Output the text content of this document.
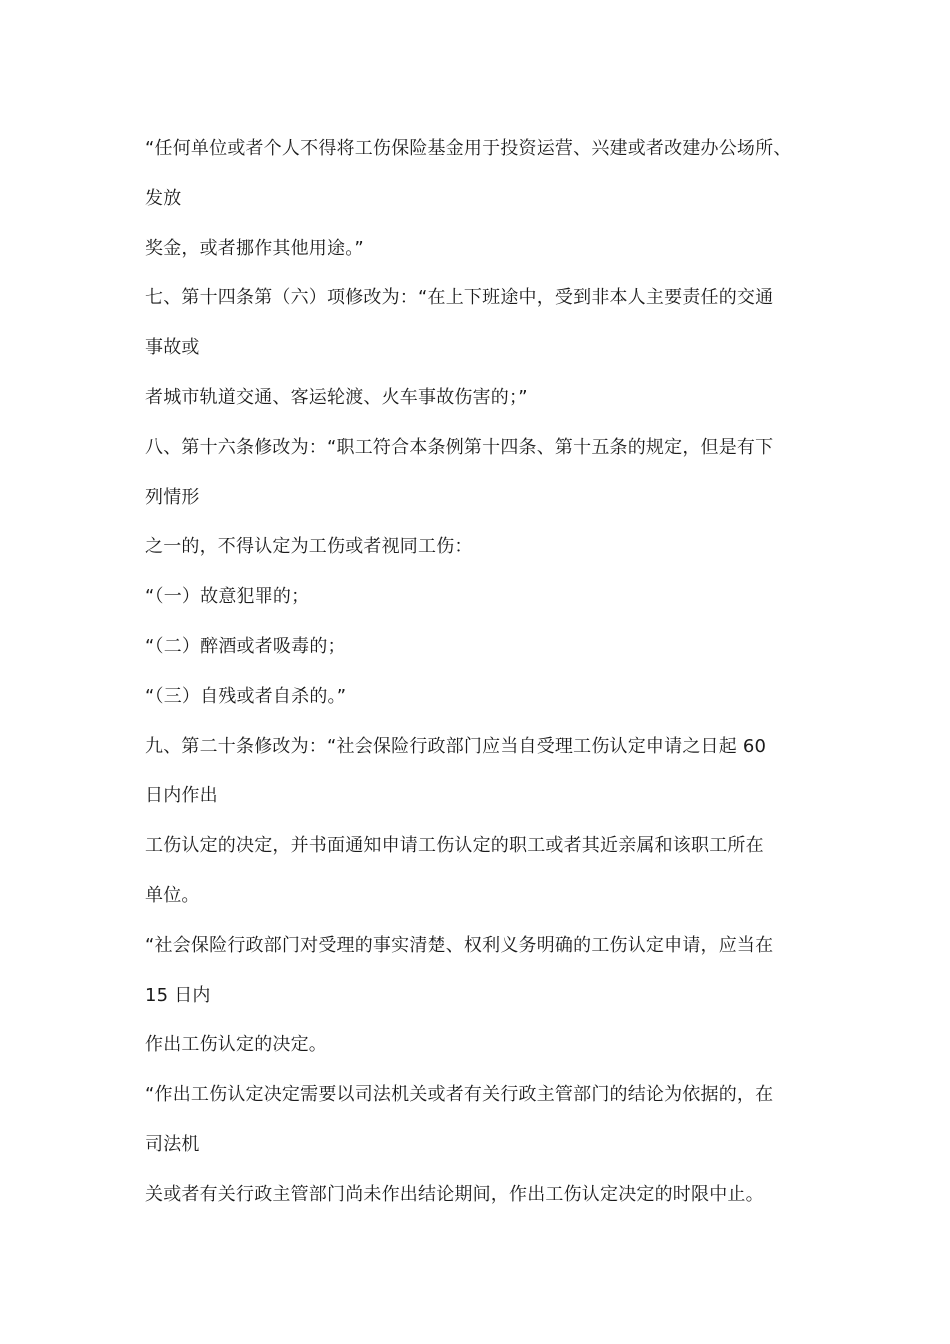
“任何单位或者个人不得将工伤保险基金用于投资运营、兴建或者改建办公场所、
发放
奖金，或者挪作其他用途。”
七、第十四条第（六）项修改为：“在上下班途中，受到非本人主要责任的交通
事故或
者城市轨道交通、客运轮渡、火车事故伤害的；”
八、第十六条修改为：“职工符合本条例第十四条、第十五条的规定，但是有下
列情形
之一的，不得认定为工伤或者视同工伤：
“（一）故意犯罪的；
“（二）醉酒或者吸毒的；
“（三）自残或者自杀的。”
九、第二十条修改为：“社会保险行政部门应当自受理工伤认定申请之日起 60
日内作出
工伤认定的决定，并书面通知申请工伤认定的职工或者其近亲属和该职工所在
单位。
“社会保险行政部门对受理的事实清楚、权利义务明确的工伤认定申请，应当在
15 日内
作出工伤认定的决定。
“作出工伤认定决定需要以司法机关或者有关行政主管部门的结论为依据的，在
司法机
关或者有关行政主管部门尚未作出结论期间，作出工伤认定决定的时限中止。
